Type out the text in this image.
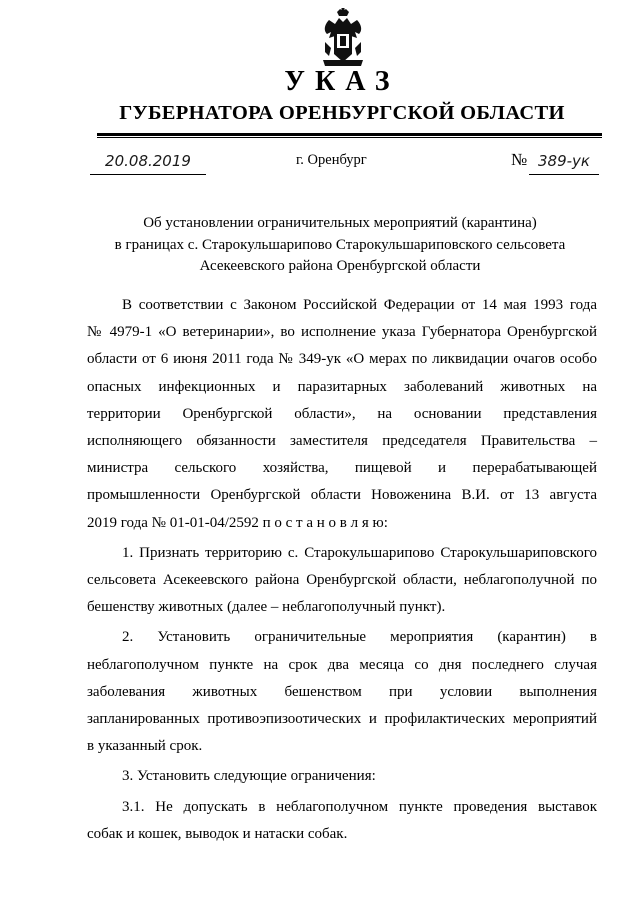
УКАЗ
ГУБЕРНАТОРА ОРЕНБУРГСКОЙ ОБЛАСТИ
20.08.2019	г. Оренбург	№ 389-ук
Об установлении ограничительных мероприятий (карантина)
в границах с. Старокульшарипово Старокульшариповского сельсовета
Асекеевского района Оренбургской области
В соответствии с Законом Российской Федерации от 14 мая 1993 года
№ 4979-1 «О ветеринарии», во исполнение указа Губернатора Оренбургской
области от 6 июня 2011 года № 349-ук «О мерах по ликвидации очагов особо
опасных инфекционных и паразитарных заболеваний животных на
территории Оренбургской области», на основании представления
исполняющего обязанности заместителя председателя Правительства –
министра сельского хозяйства, пищевой и перерабатывающей
промышленности Оренбургской области Новоженина В.И. от 13 августа
2019 года № 01-01-04/2592 п о с т а н о в л я ю:
1. Признать территорию с. Старокульшарипово Старокульшариповского
сельсовета Асекеевского района Оренбургской области, неблагополучной по
бешенству животных (далее – неблагополучный пункт).
2. Установить ограничительные мероприятия (карантин) в
неблагополучном пункте на срок два месяца со дня последнего случая
заболевания животных бешенством при условии выполнения
запланированных противоэпизоотических и профилактических мероприятий
в указанный срок.
3. Установить следующие ограничения:
3.1. Не допускать в неблагополучном пункте проведения выставок
собак и кошек, выводок и натаски собак.
